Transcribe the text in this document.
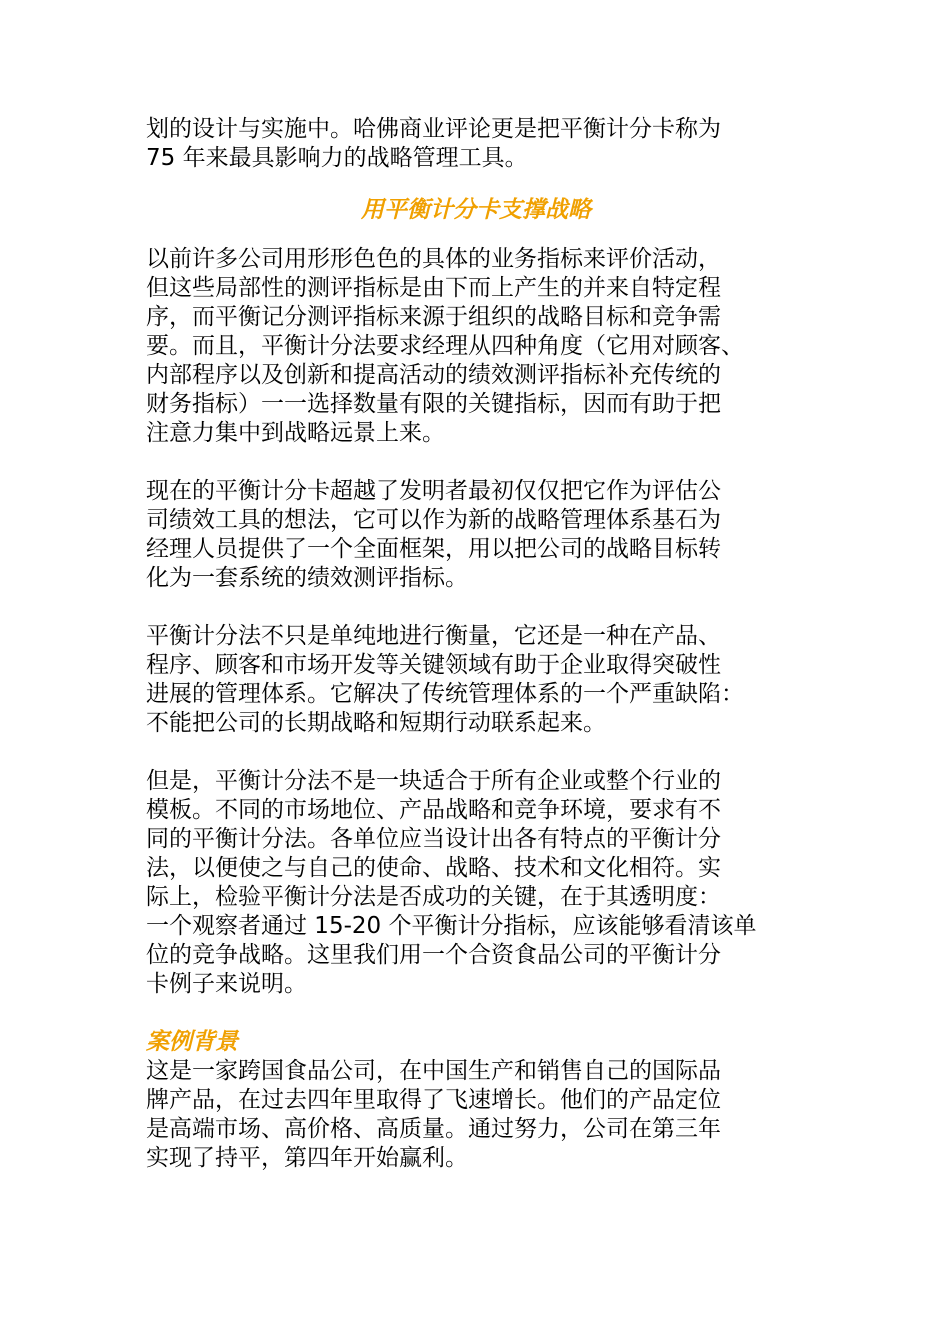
划的设计与实施中。哈佛商业评论更是把平衡计分卡称为
75 年来最具影响力的战略管理工具。
用平衡计分卡支撑战略
以前许多公司用形形色色的具体的业务指标来评价活动，
但这些局部性的测评指标是由下而上产生的并来自特定程
序，而平衡记分测评指标来源于组织的战略目标和竞争需
要。而且，平衡计分法要求经理从四种角度（它用对顾客、
内部程序以及创新和提高活动的绩效测评指标补充传统的
财务指标）一一选择数量有限的关键指标，因而有助于把
注意力集中到战略远景上来。
现在的平衡计分卡超越了发明者最初仅仅把它作为评估公
司绩效工具的想法，它可以作为新的战略管理体系基石为
经理人员提供了一个全面框架，用以把公司的战略目标转
化为一套系统的绩效测评指标。
平衡计分法不只是单纯地进行衡量，它还是一种在产品、
程序、顾客和市场开发等关键领域有助于企业取得突破性
进展的管理体系。它解决了传统管理体系的一个严重缺陷：
不能把公司的长期战略和短期行动联系起来。
但是，平衡计分法不是一块适合于所有企业或整个行业的
模板。不同的市场地位、产品战略和竞争环境，要求有不
同的平衡计分法。各单位应当设计出各有特点的平衡计分
法，以便使之与自己的使命、战略、技术和文化相符。实
际上，检验平衡计分法是否成功的关键，在于其透明度：
一个观察者通过 15-20 个平衡计分指标，应该能够看清该单
位的竞争战略。这里我们用一个合资食品公司的平衡计分
卡例子来说明。
案例背景
这是一家跨国食品公司，在中国生产和销售自己的国际品
牌产品，在过去四年里取得了飞速增长。他们的产品定位
是高端市场、高价格、高质量。通过努力，公司在第三年
实现了持平，第四年开始赢利。
